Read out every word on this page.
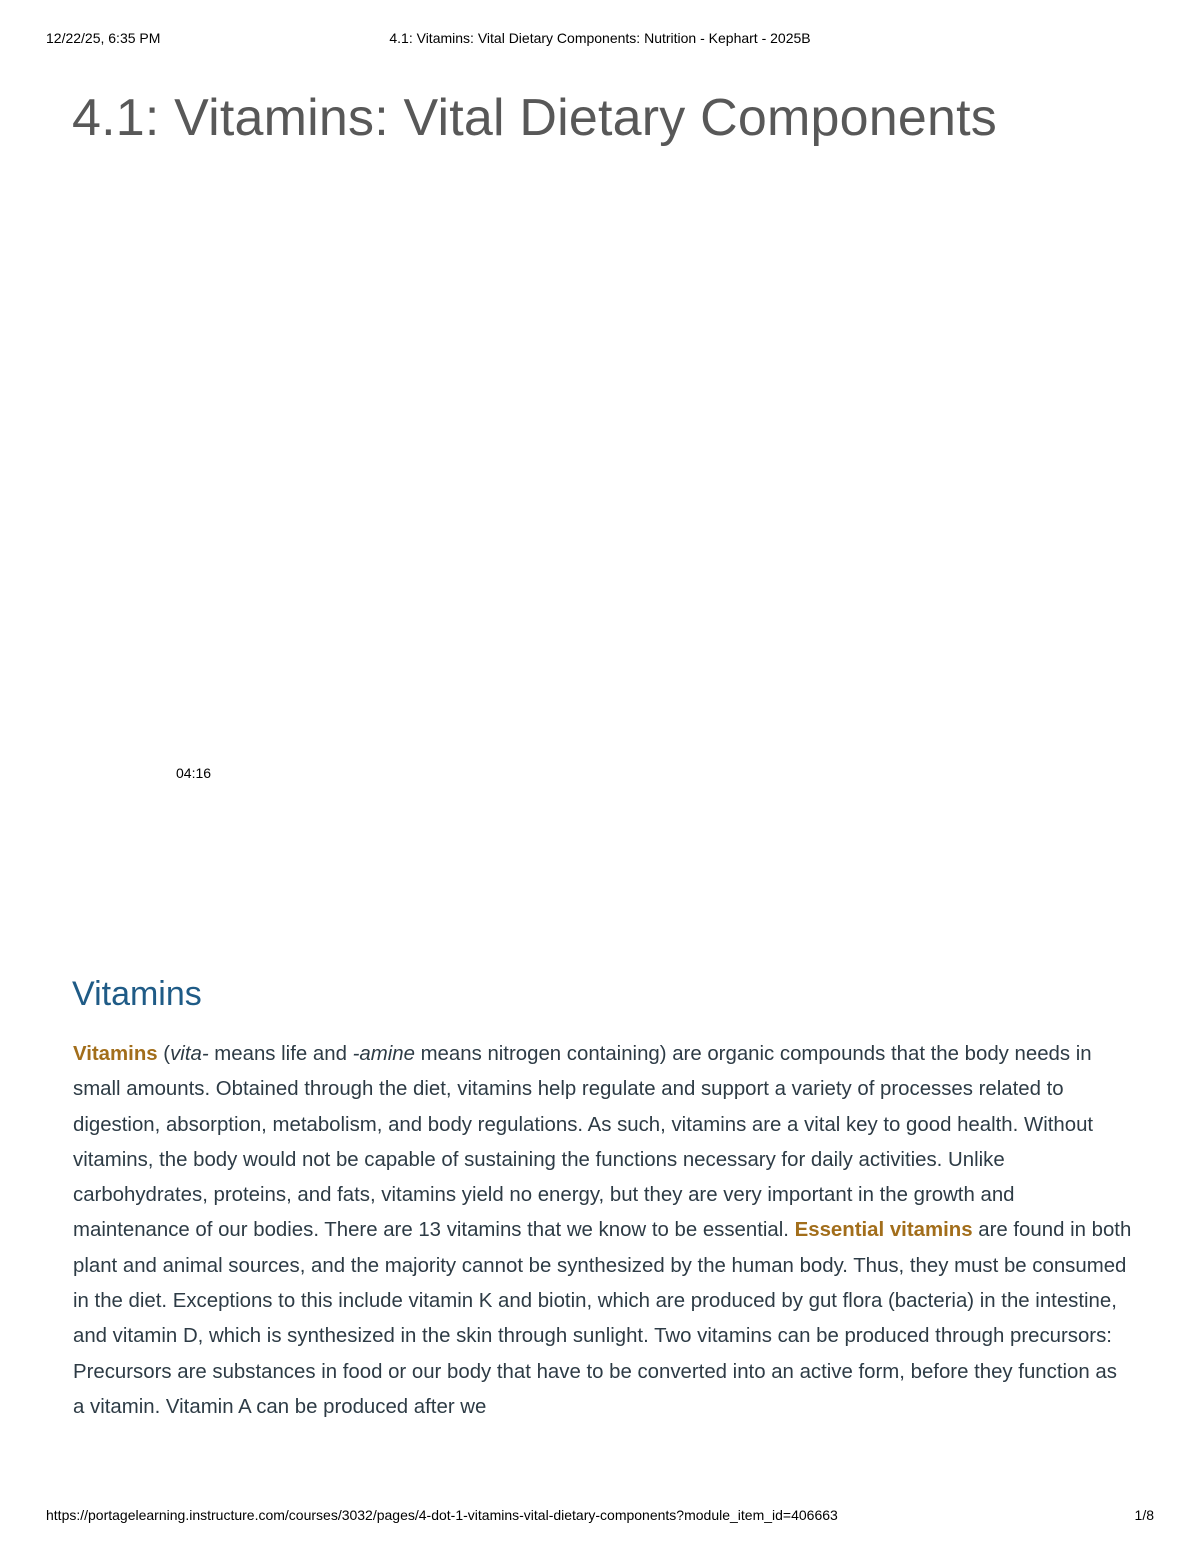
12/22/25, 6:35 PM	4.1: Vitamins: Vital Dietary Components: Nutrition - Kephart - 2025B
4.1: Vitamins: Vital Dietary Components
04:16
Vitamins

Vitamins (vita- means life and -amine means nitrogen containing) are organic compounds that the body needs in small amounts. Obtained through the diet, vitamins help regulate and support a variety of processes related to digestion, absorption, metabolism, and body regulations. As such, vitamins are a vital key to good health. Without vitamins, the body would not be capable of sustaining the functions necessary for daily activities. Unlike carbohydrates, proteins, and fats, vitamins yield no energy, but they are very important in the growth and maintenance of our bodies. There are 13 vitamins that we know to be essential. Essential vitamins are found in both plant and animal sources, and the majority cannot be synthesized by the human body. Thus, they must be consumed in the diet. Exceptions to this include vitamin K and biotin, which are produced by gut flora (bacteria) in the intestine, and vitamin D, which is synthesized in the skin through sunlight. Two vitamins can be produced through precursors: Precursors are substances in food or our body that have to be converted into an active form, before they function as a vitamin. Vitamin A can be produced after we

https://portagelearning.instructure.com/courses/3032/pages/4-dot-1-vitamins-vital-dietary-components?module_item_id=406663	1/8
